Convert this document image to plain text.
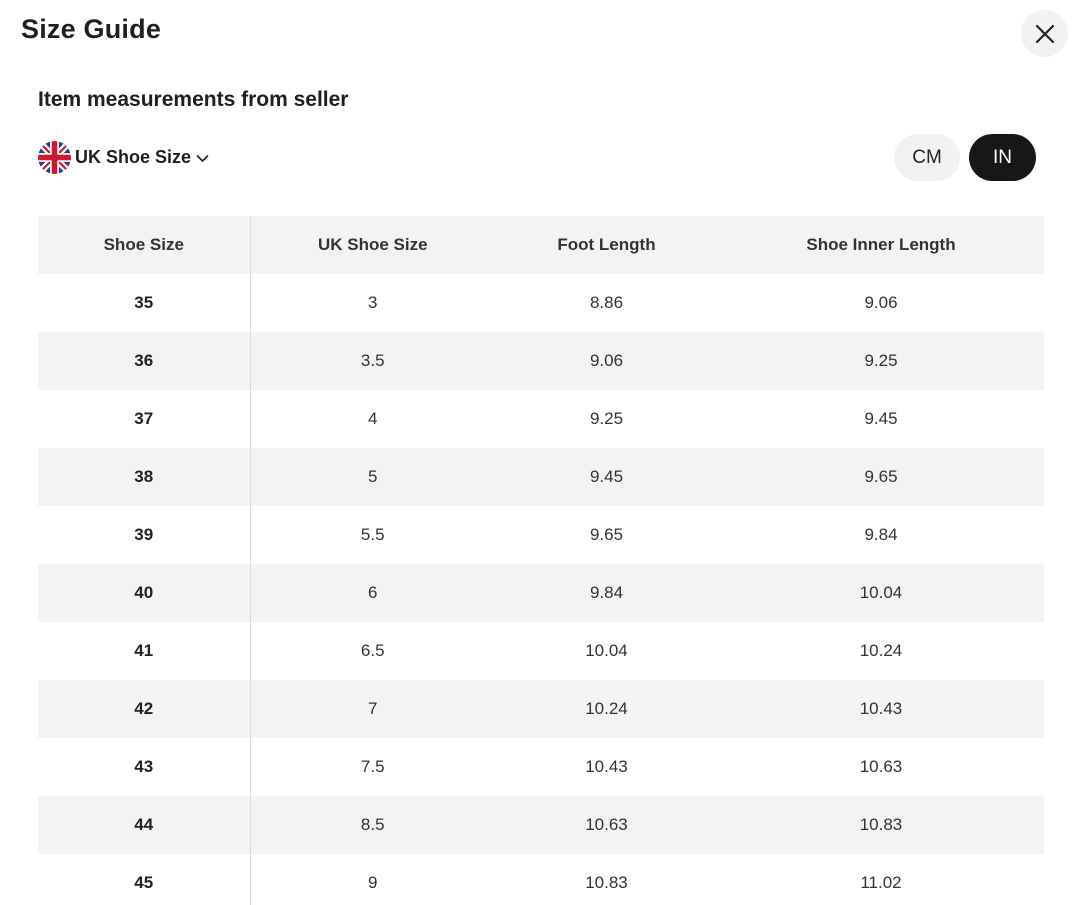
Size Guide
Item measurements from seller
UK Shoe Size	CM	IN
Shoe Size	UK Shoe Size	Foot Length	Shoe Inner Length
35	3	8.86	9.06
36	3.5	9.06	9.25
37	4	9.25	9.45
38	5	9.45	9.65
39	5.5	9.65	9.84
40	6	9.84	10.04
41	6.5	10.04	10.24
42	7	10.24	10.43
43	7.5	10.43	10.63
44	8.5	10.63	10.83
45	9	10.83	11.02
